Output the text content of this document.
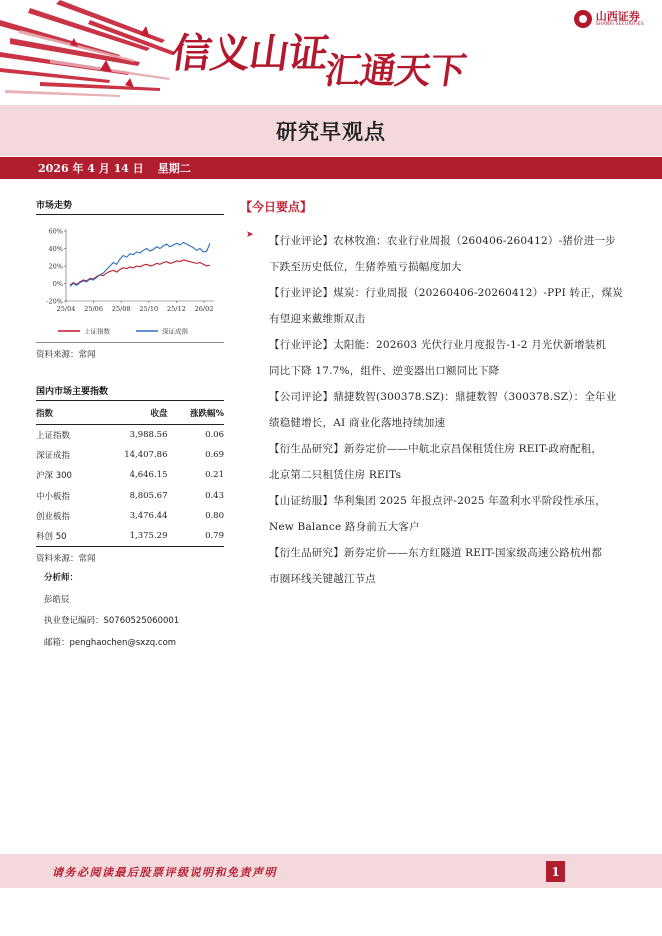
信义山证汇通天下
山西证券
SHANXI SECURITIES
研究早观点
2026 年 4 月 14 日 星期二
市场走势
60%
40%
20%
0%
-20%
25/04 25/06 25/08 25/10 25/12 26/02
上证指数	深证成指
资料来源：常闻
国内市场主要指数
指数	收盘	涨跌幅%
上证指数	3,988.56	0.06
深证成指	14,407.86	0.69
沪深 300	4,646.15	0.21
中小板指	8,805.67	0.43
创业板指	3,476.44	0.80
科创 50	1,375.29	0.79
资料来源：常闻
分析师：
彭皓辰
执业登记编码：S0760525060001
邮箱：penghaochen@sxzq.com
【今日要点】
➤ 【行业评论】农林牧渔：农业行业周报（260406-260412）-猪价进一步
下跌至历史低位，生猪养殖亏损幅度加大
【行业评论】煤炭：行业周报（20260406-20260412）-PPI 转正，煤炭
有望迎来戴维斯双击
【行业评论】太阳能：202603 光伏行业月度报告-1-2 月光伏新增装机
同比下降 17.7%，组件、逆变器出口额同比下降
【公司评论】鼎捷数智(300378.SZ)：鼎捷数智（300378.SZ）：全年业
绩稳健增长，AI 商业化落地持续加速
【衍生品研究】新券定价——中航北京昌保租赁住房 REIT-政府配租，
北京第二只租赁住房 REITs
【山证纺服】华利集团 2025 年报点评-2025 年盈利水平阶段性承压，
New Balance 路身前五大客户
【衍生品研究】新券定价——东方红隧道 REIT-国家级高速公路杭州都
市圈环线关键越江节点
请务必阅读最后股票评级说明和免责声明	1
